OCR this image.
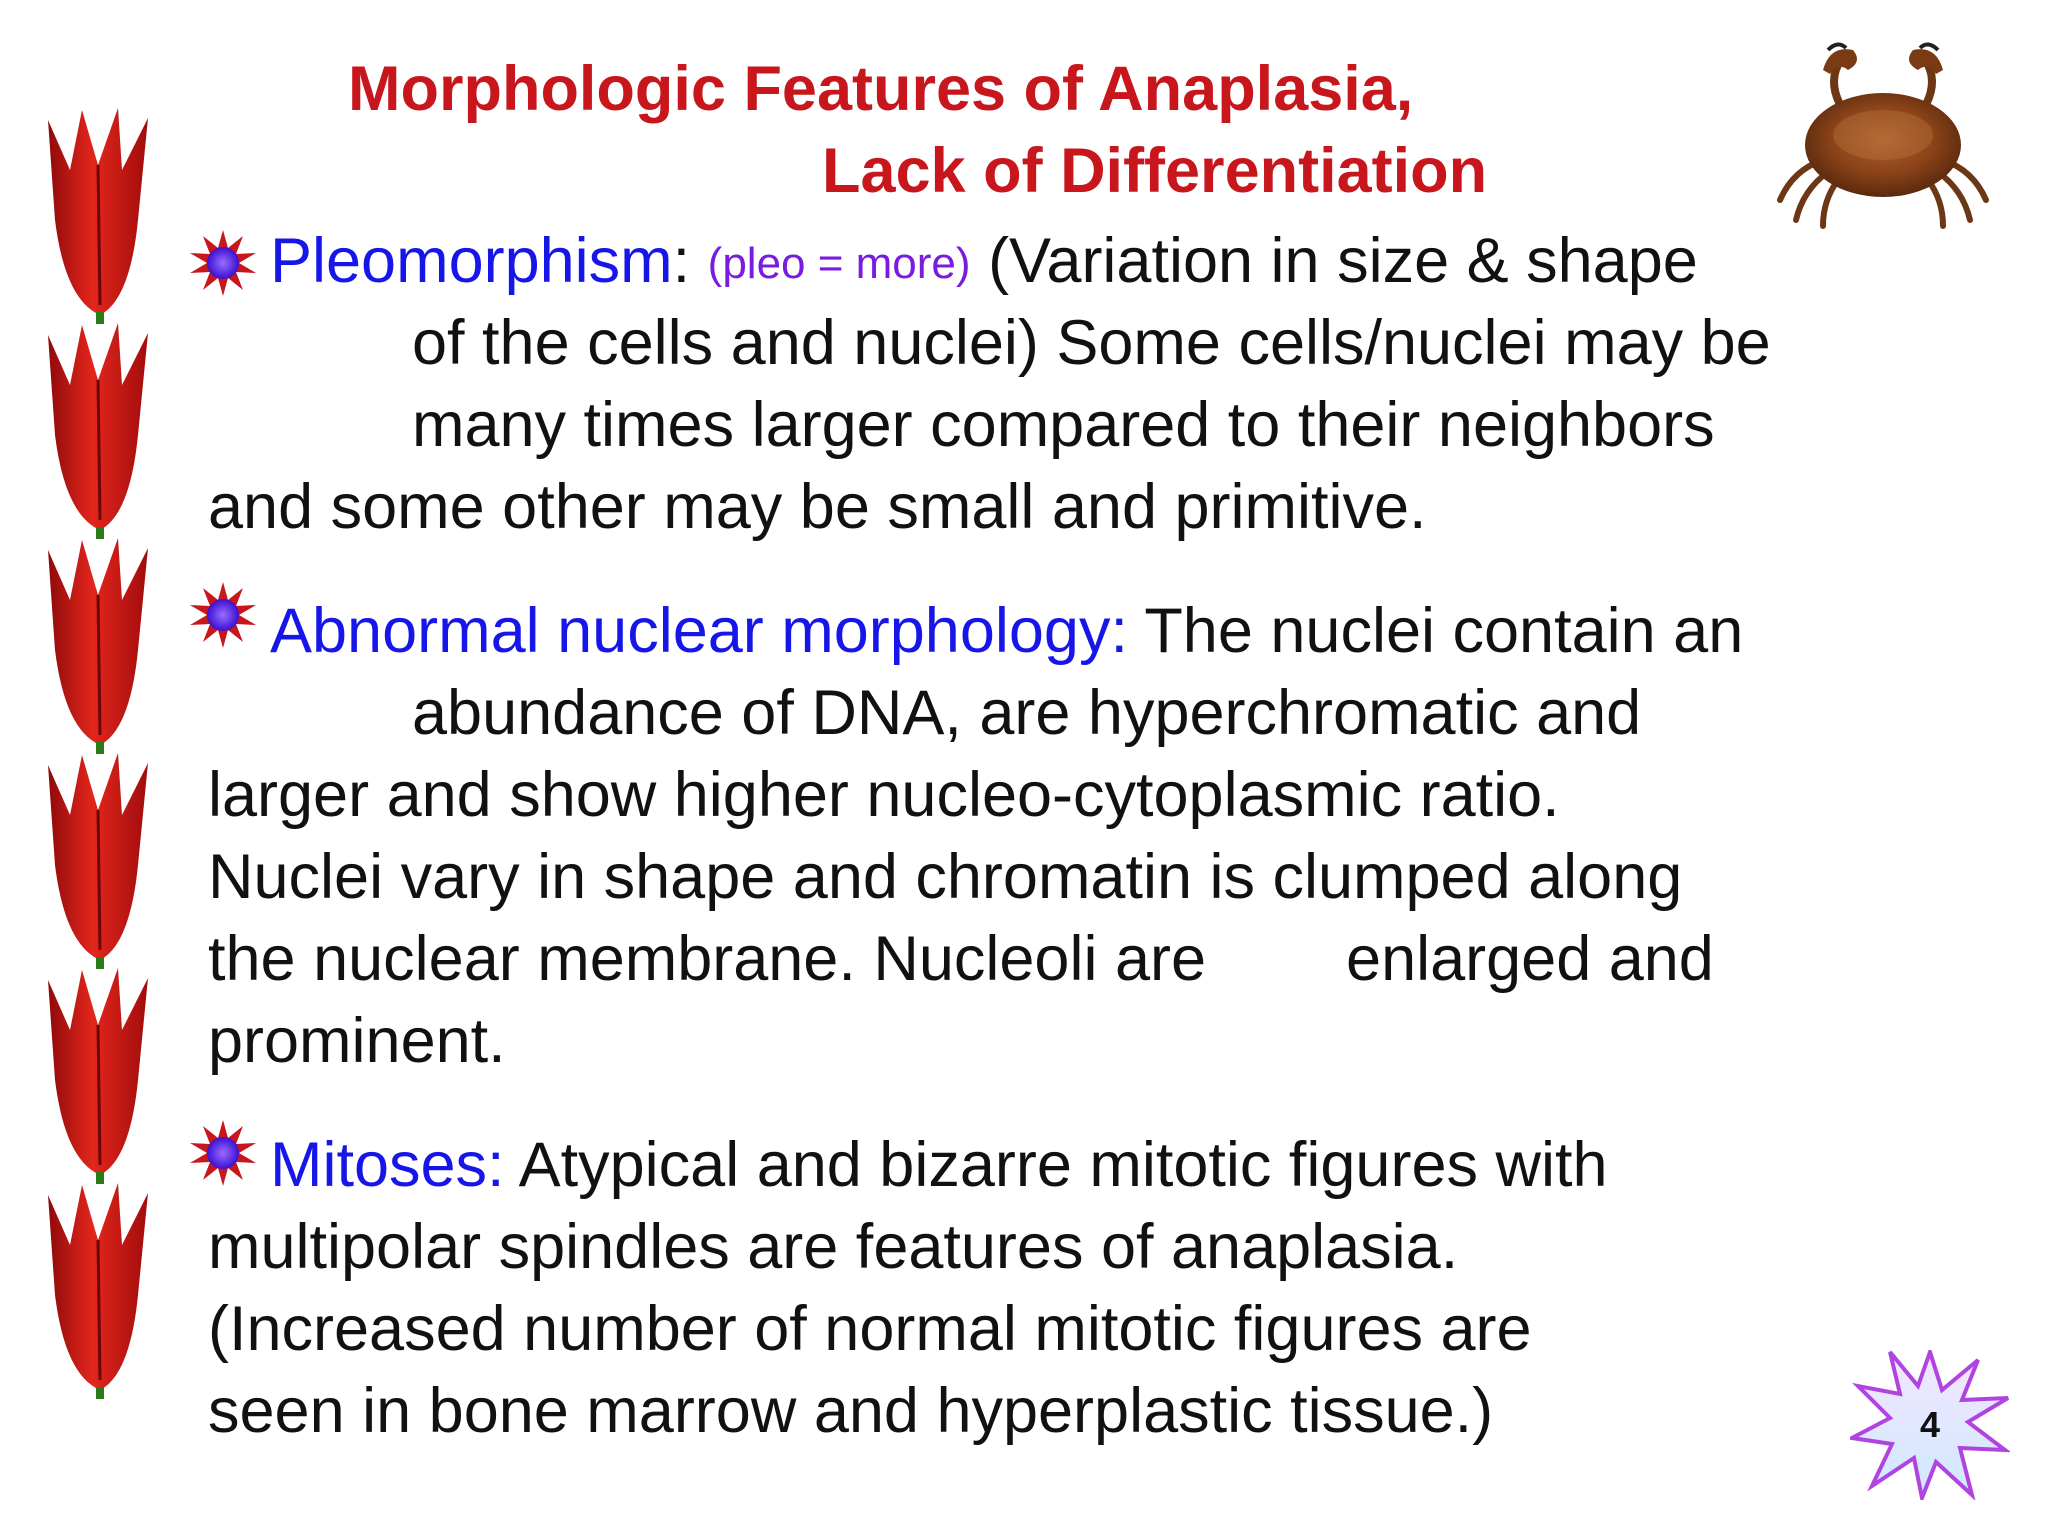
Morphologic Features of Anaplasia,
Lack of Differentiation
Pleomorphism: (pleo = more) (Variation in size & shape
of the cells and nuclei) Some cells/nuclei may be
many times larger compared to their neighbors
and some other may be small and primitive.
Abnormal nuclear morphology: The nuclei contain an
abundance of DNA, are hyperchromatic and
larger and show higher nucleo-cytoplasmic ratio.
Nuclei vary in shape and chromatin is clumped along
the nuclear membrane. Nucleoli are        enlarged and
prominent.
Mitoses: Atypical and bizarre mitotic figures with
multipolar spindles are features of anaplasia.
(Increased number of normal mitotic figures are
seen in bone marrow and hyperplastic tissue.)	4
